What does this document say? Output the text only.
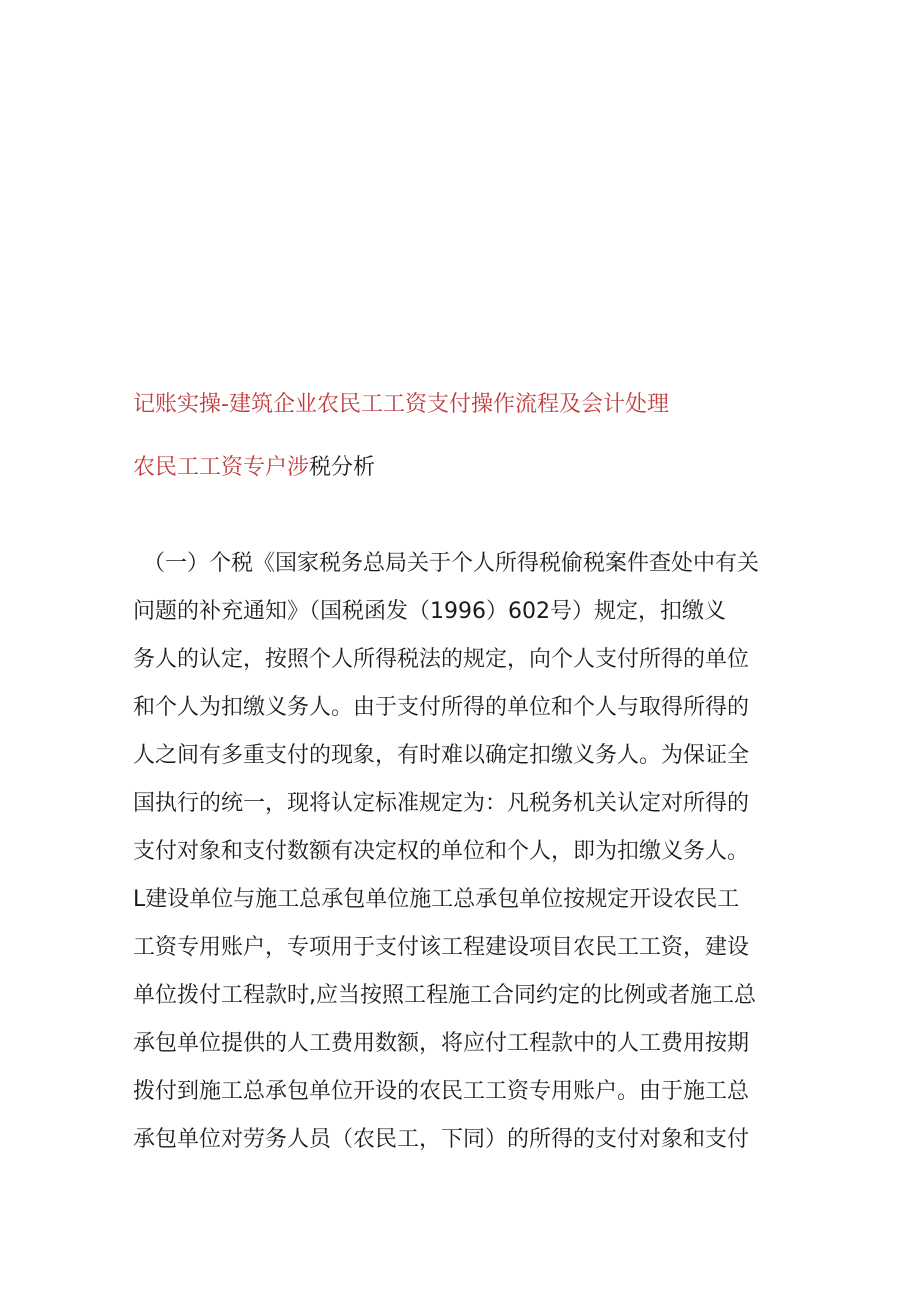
记账实操-建筑企业农民工工资支付操作流程及会计处理
农民工工资专户涉税分析
（一）个税《国家税务总局关于个人所得税偷税案件查处中有关
问题的补充通知》（国税函发（1996）602号）规定，扣缴义
务人的认定，按照个人所得税法的规定，向个人支付所得的单位
和个人为扣缴义务人。由于支付所得的单位和个人与取得所得的
人之间有多重支付的现象，有时难以确定扣缴义务人。为保证全
国执行的统一，现将认定标准规定为：凡税务机关认定对所得的
支付对象和支付数额有决定权的单位和个人，即为扣缴义务人。
L建设单位与施工总承包单位施工总承包单位按规定开设农民工
工资专用账户，专项用于支付该工程建设项目农民工工资，建设
单位拨付工程款时,应当按照工程施工合同约定的比例或者施工总
承包单位提供的人工费用数额，将应付工程款中的人工费用按期
拨付到施工总承包单位开设的农民工工资专用账户。由于施工总
承包单位对劳务人员（农民工，下同）的所得的支付对象和支付
